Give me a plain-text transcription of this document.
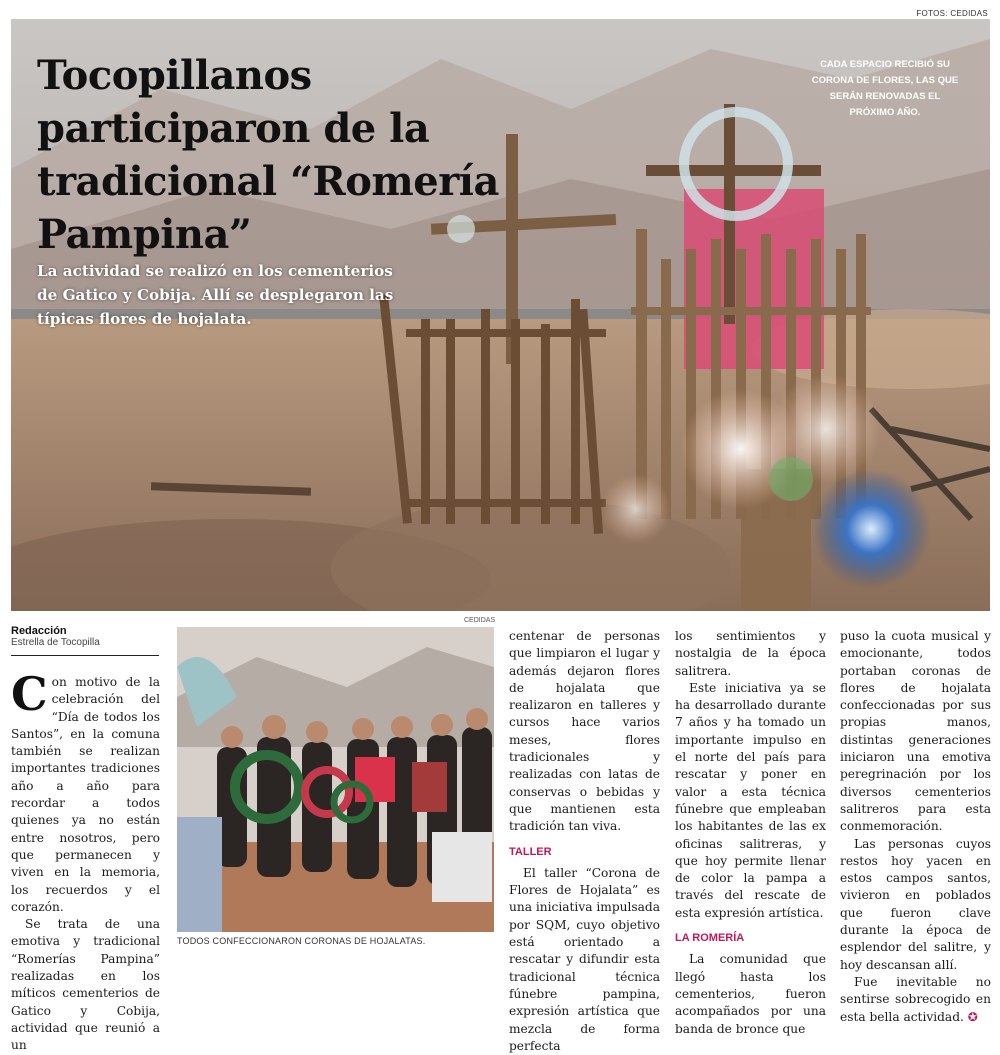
FOTOS: CEDIDAS
Tocopillanos participaron de la tradicional “Romería Pampina”

La actividad se realizó en los cementerios de Gatico y Cobija. Allí se desplegaron las típicas flores de hojalata.

CADA ESPACIO RECIBIÓ SU CORONA DE FLORES, LAS QUE SERÁN RENOVADAS EL PRÓXIMO AÑO.

Redacción
Estrella de Tocopilla
CEDIDAS
TODOS CONFECCIONARON CORONAS DE HOJALATAS.

Con motivo de la celebración del “Día de todos los Santos”, en la comuna también se realizan importantes tradiciones año a año para recordar a todos quienes ya no están entre nosotros, pero que permanecen y viven en la memoria, los recuerdos y el corazón.

Se trata de una emotiva y tradicional “Romerías Pampina” realizadas en los míticos cementerios de Gatico y Cobija, actividad que reunió a un

centenar de personas que limpiaron el lugar y además dejaron flores de hojalata que realizaron en talleres y cursos hace varios meses, flores tradicionales y realizadas con latas de conservas o bebidas y que mantienen esta tradición tan viva.

TALLER

El taller “Corona de Flores de Hojalata” es una iniciativa impulsada por SQM, cuyo objetivo está orientado a rescatar y difundir esta tradicional técnica fúnebre pampina, expresión artística que mezcla de forma perfecta

los sentimientos y nostalgia de la época salitrera.

Este iniciativa ya se ha desarrollado durante 7 años y ha tomado un importante impulso en el norte del país para rescatar y poner en valor a esta técnica fúnebre que empleaban los habitantes de las ex oficinas salitreras, y que hoy permite llenar de color la pampa a través del rescate de esta expresión artística.

LA ROMERÍA

La comunidad que llegó hasta los cementerios, fueron acompañados por una banda de bronce que

puso la cuota musical y emocionante, todos portaban coronas de flores de hojalata confeccionadas por sus propias manos, distintas generaciones iniciaron una emotiva peregrinación por los diversos cementerios salitreros para esta conmemoración.

Las personas cuyos restos hoy yacen en estos campos santos, vivieron en poblados que fueron clave durante la época de esplendor del salitre, y hoy descansan allí.

Fue inevitable no sentirse sobrecogido en esta bella actividad. ✪
